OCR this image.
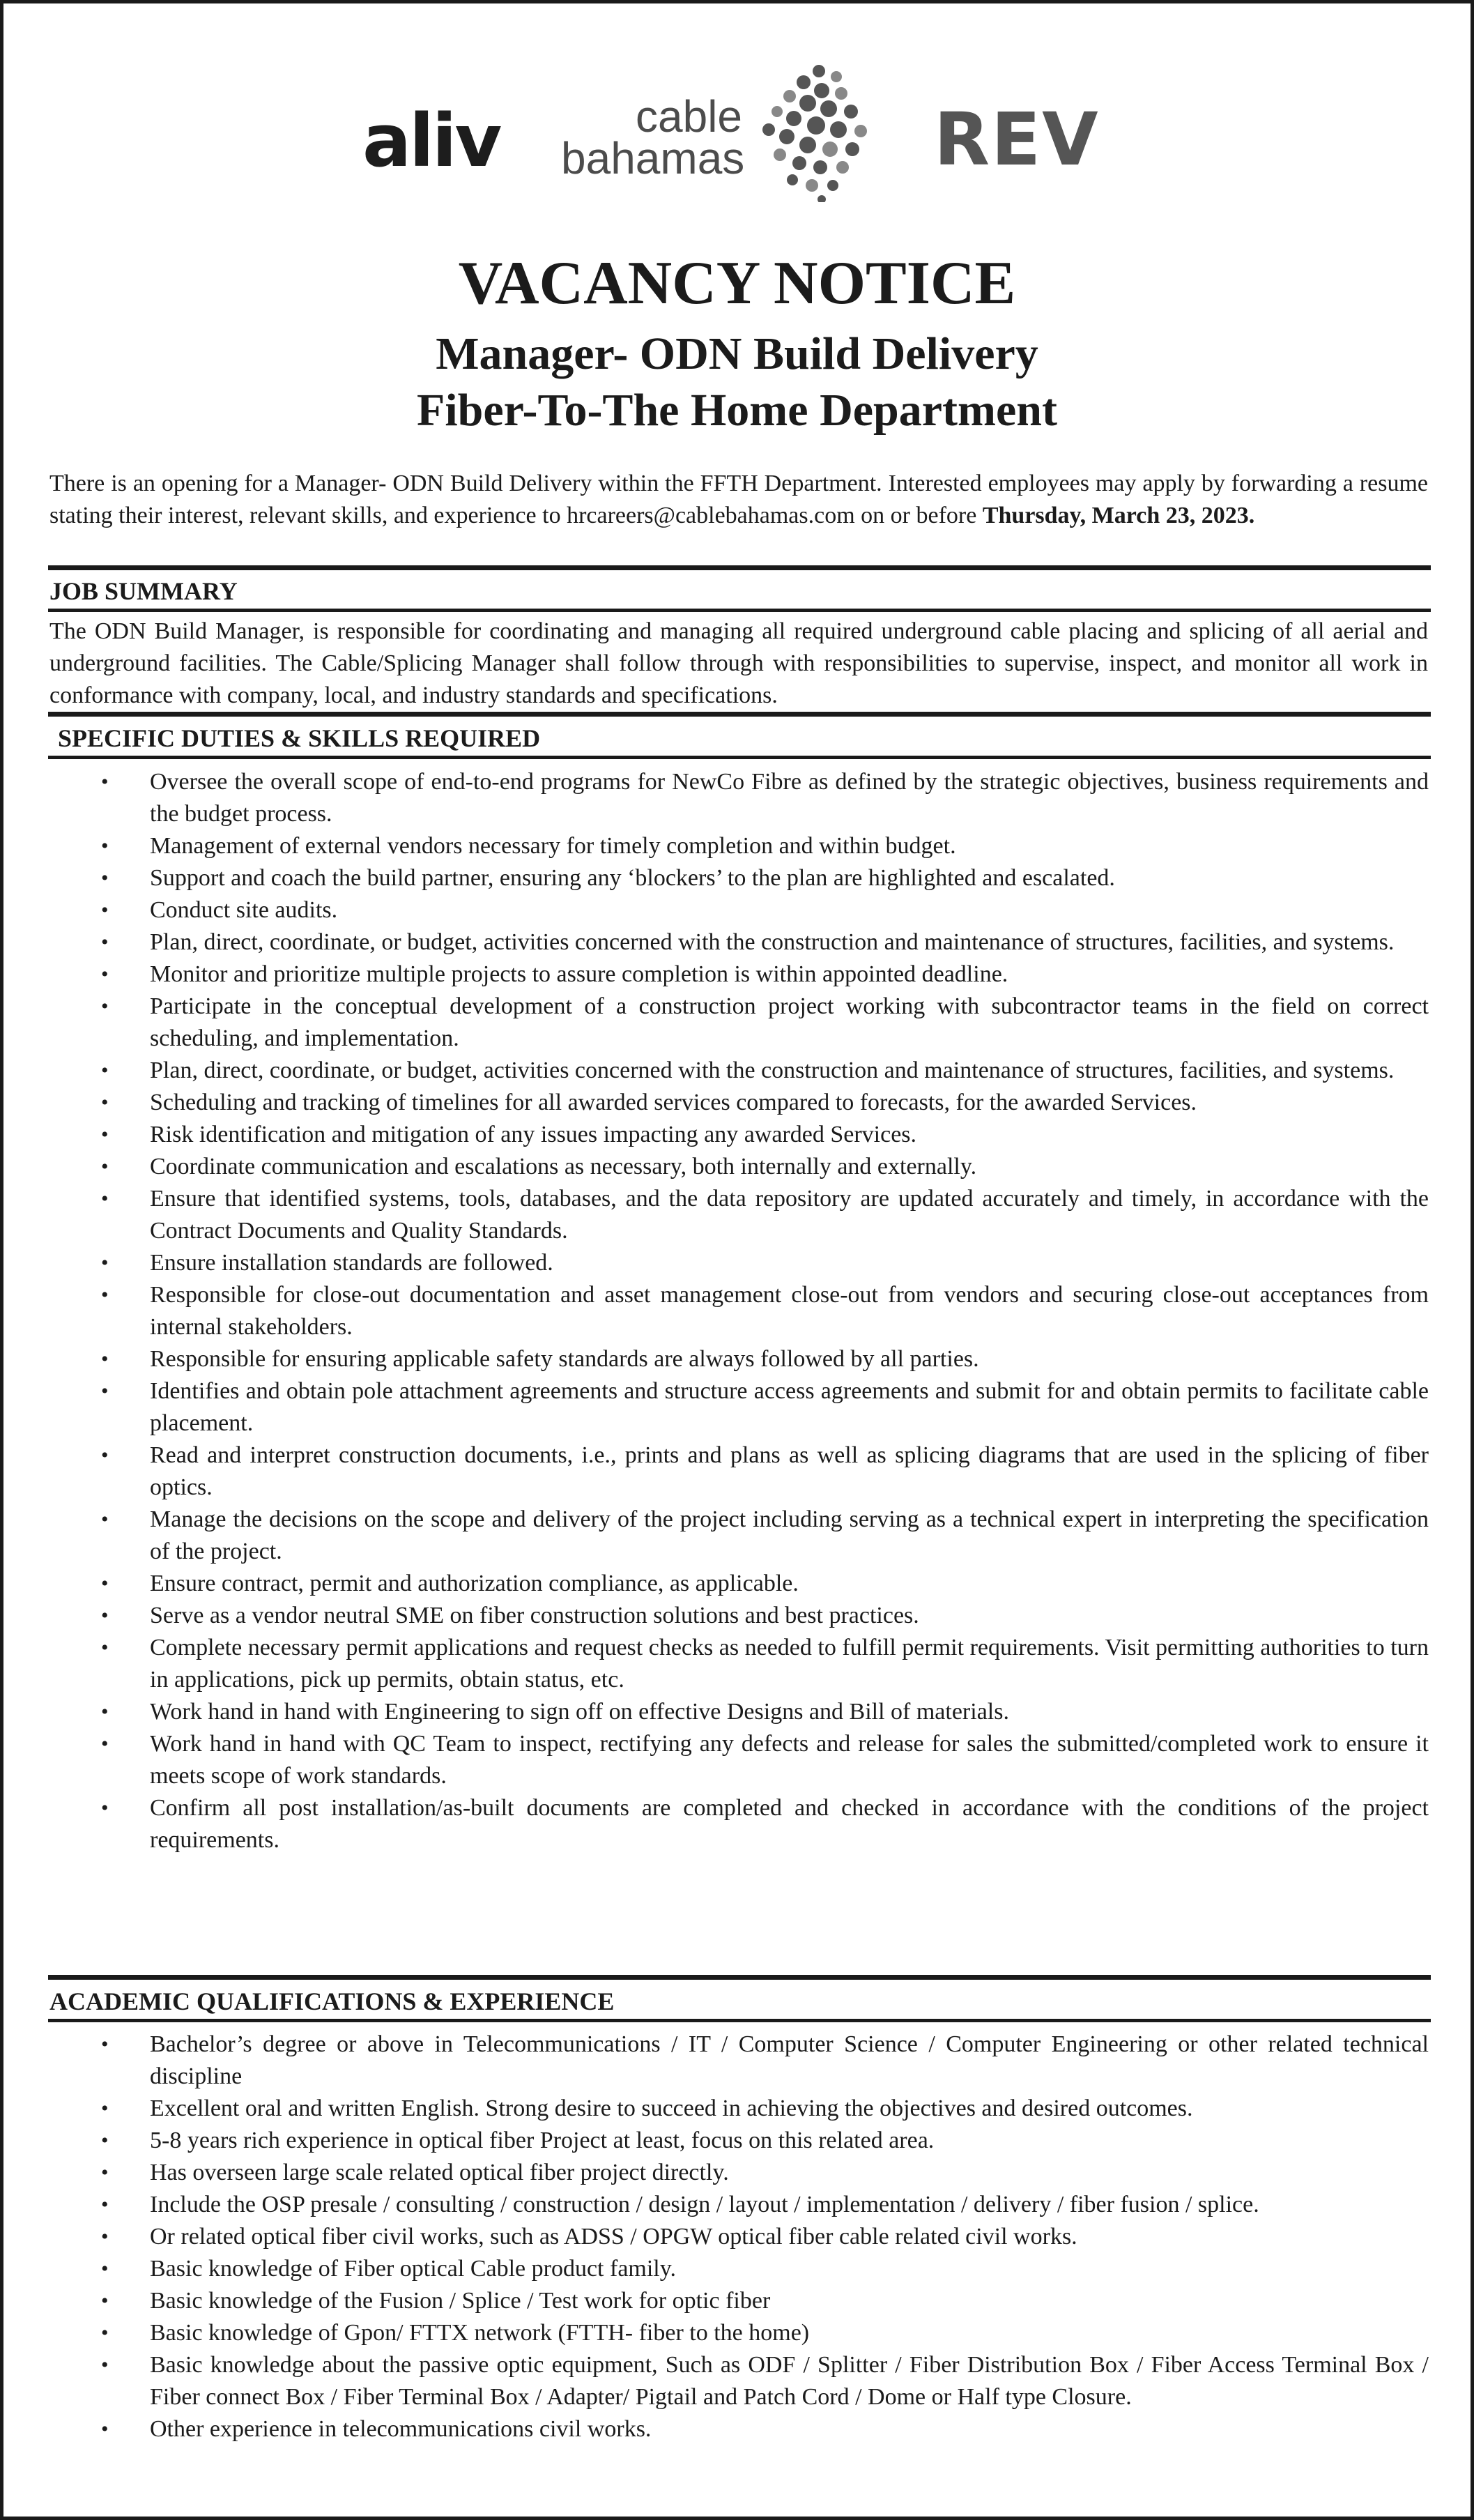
aliv	cable
bahamas	REV
VACANCY NOTICE
Manager- ODN Build Delivery
Fiber-To-The Home Department
There is an opening for a Manager- ODN Build Delivery within the FFTH Department. Interested employees may apply by forwarding a resume stating their interest, relevant skills, and experience to hrcareers@cablebahamas.com on or before Thursday, March 23, 2023.
JOB SUMMARY
The ODN Build Manager, is responsible for coordinating and managing all required underground cable placing and splicing of all aerial and underground facilities. The Cable/Splicing Manager shall follow through with responsibilities to supervise, inspect, and monitor all work in conformance with company, local, and industry standards and specifications.
SPECIFIC DUTIES & SKILLS REQUIRED
• Oversee the overall scope of end-to-end programs for NewCo Fibre as defined by the strategic objectives, business requirements and the budget process.
• Management of external vendors necessary for timely completion and within budget.
• Support and coach the build partner, ensuring any ‘blockers’ to the plan are highlighted and escalated.
• Conduct site audits.
• Plan, direct, coordinate, or budget, activities concerned with the construction and maintenance of structures, facilities, and systems.
• Monitor and prioritize multiple projects to assure completion is within appointed deadline.
• Participate in the conceptual development of a construction project working with subcontractor teams in the field on correct scheduling, and implementation.
• Plan, direct, coordinate, or budget, activities concerned with the construction and maintenance of structures, facilities, and systems.
• Scheduling and tracking of timelines for all awarded services compared to forecasts, for the awarded Services.
• Risk identification and mitigation of any issues impacting any awarded Services.
• Coordinate communication and escalations as necessary, both internally and externally.
• Ensure that identified systems, tools, databases, and the data repository are updated accurately and timely, in accordance with the Contract Documents and Quality Standards.
• Ensure installation standards are followed.
• Responsible for close-out documentation and asset management close-out from vendors and securing close-out acceptances from internal stakeholders.
• Responsible for ensuring applicable safety standards are always followed by all parties.
• Identifies and obtain pole attachment agreements and structure access agreements and submit for and obtain permits to facilitate cable placement.
• Read and interpret construction documents, i.e., prints and plans as well as splicing diagrams that are used in the splicing of fiber optics.
• Manage the decisions on the scope and delivery of the project including serving as a technical expert in interpreting the specification of the project.
• Ensure contract, permit and authorization compliance, as applicable.
• Serve as a vendor neutral SME on fiber construction solutions and best practices.
• Complete necessary permit applications and request checks as needed to fulfill permit requirements. Visit permitting authorities to turn in applications, pick up permits, obtain status, etc.
• Work hand in hand with Engineering to sign off on effective Designs and Bill of materials.
• Work hand in hand with QC Team to inspect, rectifying any defects and release for sales the submitted/completed work to ensure it meets scope of work standards.
• Confirm all post installation/as-built documents are completed and checked in accordance with the conditions of the project requirements.
ACADEMIC QUALIFICATIONS & EXPERIENCE
• Bachelor’s degree or above in Telecommunications / IT / Computer Science / Computer Engineering or other related technical discipline
• Excellent oral and written English. Strong desire to succeed in achieving the objectives and desired outcomes.
• 5-8 years rich experience in optical fiber Project at least, focus on this related area.
• Has overseen large scale related optical fiber project directly.
• Include the OSP presale / consulting / construction / design / layout / implementation / delivery / fiber fusion / splice.
• Or related optical fiber civil works, such as ADSS / OPGW optical fiber cable related civil works.
• Basic knowledge of Fiber optical Cable product family.
• Basic knowledge of the Fusion / Splice / Test work for optic fiber
• Basic knowledge of Gpon/ FTTX network (FTTH- fiber to the home)
• Basic knowledge about the passive optic equipment, Such as ODF / Splitter / Fiber Distribution Box / Fiber Access Terminal Box / Fiber connect Box / Fiber Terminal Box / Adapter/ Pigtail and Patch Cord / Dome or Half type Closure.
• Other experience in telecommunications civil works.
